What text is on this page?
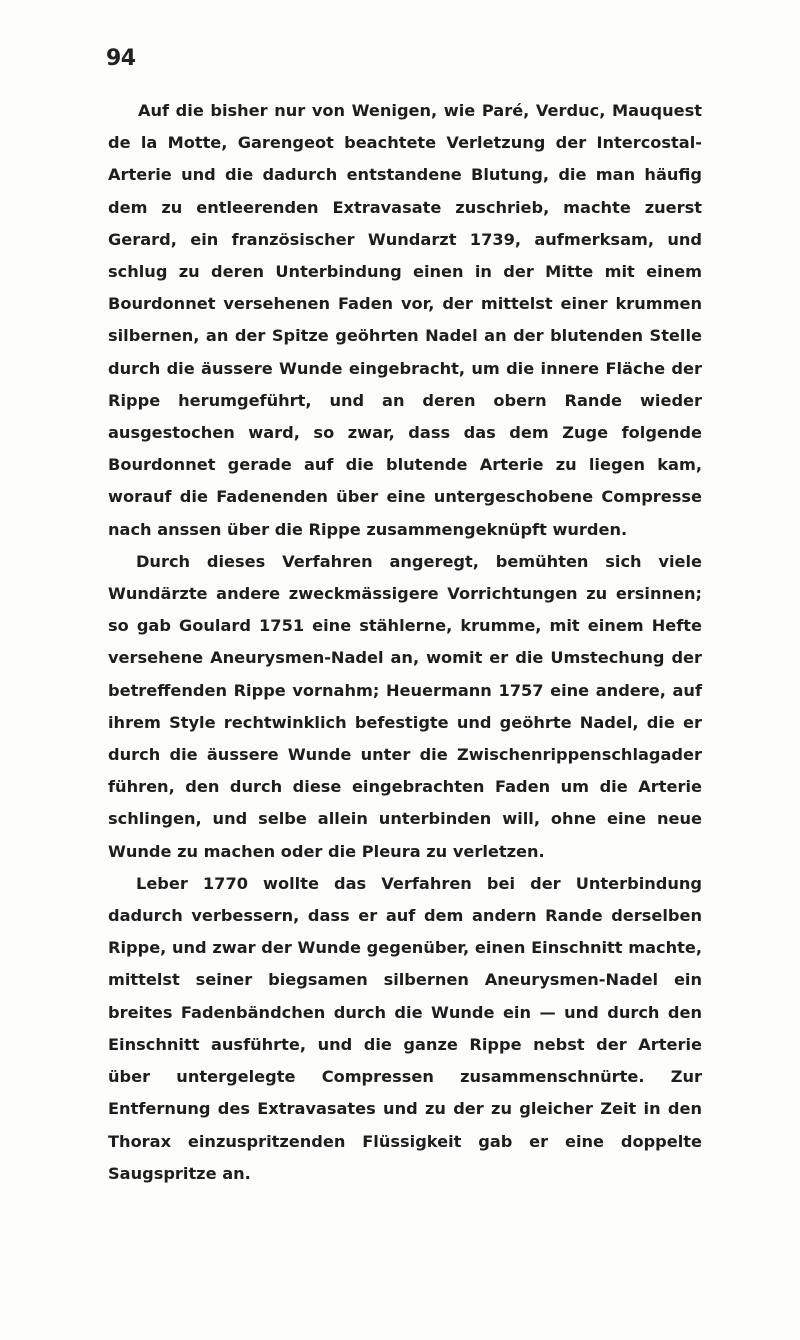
94

Auf die bisher nur von Wenigen, wie Paré, Verduc, Mauquest de la Motte, Garengeot beachtete Verletzung der Intercostal-Arterie und die dadurch entstandene Blutung, die man häufig dem zu entleerenden Extravasate zuschrieb, machte zuerst Gerard, ein französischer Wundarzt 1739, aufmerksam, und schlug zu deren Unterbindung einen in der Mitte mit einem Bourdonnet versehenen Faden vor, der mittelst einer krummen silbernen, an der Spitze geöhrten Nadel an der blutenden Stelle durch die äussere Wunde eingebracht, um die innere Fläche der Rippe herumgeführt, und an deren obern Rande wieder ausgestochen ward, so zwar, dass das dem Zuge folgende Bourdonnet gerade auf die blutende Arterie zu liegen kam, worauf die Fadenenden über eine untergeschobene Compresse nach anssen über die Rippe zusammengeknüpft wurden.

Durch dieses Verfahren angeregt, bemühten sich viele Wundärzte andere zweckmässigere Vorrichtungen zu ersinnen; so gab Goulard 1751 eine stählerne, krumme, mit einem Hefte versehene Aneurysmen-Nadel an, womit er die Umstechung der betreffenden Rippe vornahm; Heuermann 1757 eine andere, auf ihrem Style rechtwinklich befestigte und geöhrte Nadel, die er durch die äussere Wunde unter die Zwischenrippenschlagader führen, den durch diese eingebrachten Faden um die Arterie schlingen, und selbe allein unterbinden will, ohne eine neue Wunde zu machen oder die Pleura zu verletzen.

Leber 1770 wollte das Verfahren bei der Unterbindung dadurch verbessern, dass er auf dem andern Rande derselben Rippe, und zwar der Wunde gegenüber, einen Einschnitt machte, mittelst seiner biegsamen silbernen Aneurysmen-Nadel ein breites Fadenbändchen durch die Wunde ein — und durch den Einschnitt ausführte, und die ganze Rippe nebst der Arterie über untergelegte Compressen zusammenschnürte. Zur Entfernung des Extravasates und zu der zu gleicher Zeit in den Thorax einzuspritzenden Flüssigkeit gab er eine doppelte Saugspritze an.
